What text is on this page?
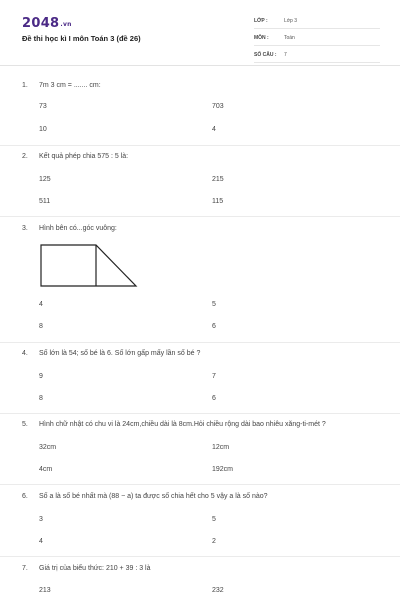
2048.vn
Đề thi học kì I môn Toán 3 (đề 26)
LỚP :	Lớp 3
MÔN :	Toán
SỐ CÂU :	7
1. 7m 3 cm = ....... cm:
73	703
10	4
2. Kết quả phép chia 575 : 5 là:
125	215
511	115
3. Hình bên có...góc vuông:
4	5
8	6
4. Số lớn là 54; số bé là 6. Số lớn gấp mấy lần số bé ?
9	7
8	6
5. Hình chữ nhật có chu vi là 24cm,chiều dài là 8cm.Hỏi chiều rộng dài bao nhiêu xăng-ti-mét ?
32cm	12cm
4cm	192cm
6. Số a là số bé nhất mà (88 − a) ta được số chia hết cho 5 vậy a là số nào?
3	5
4	2
7. Giá trị của biểu thức: 210 + 39 : 3 là
213	232
